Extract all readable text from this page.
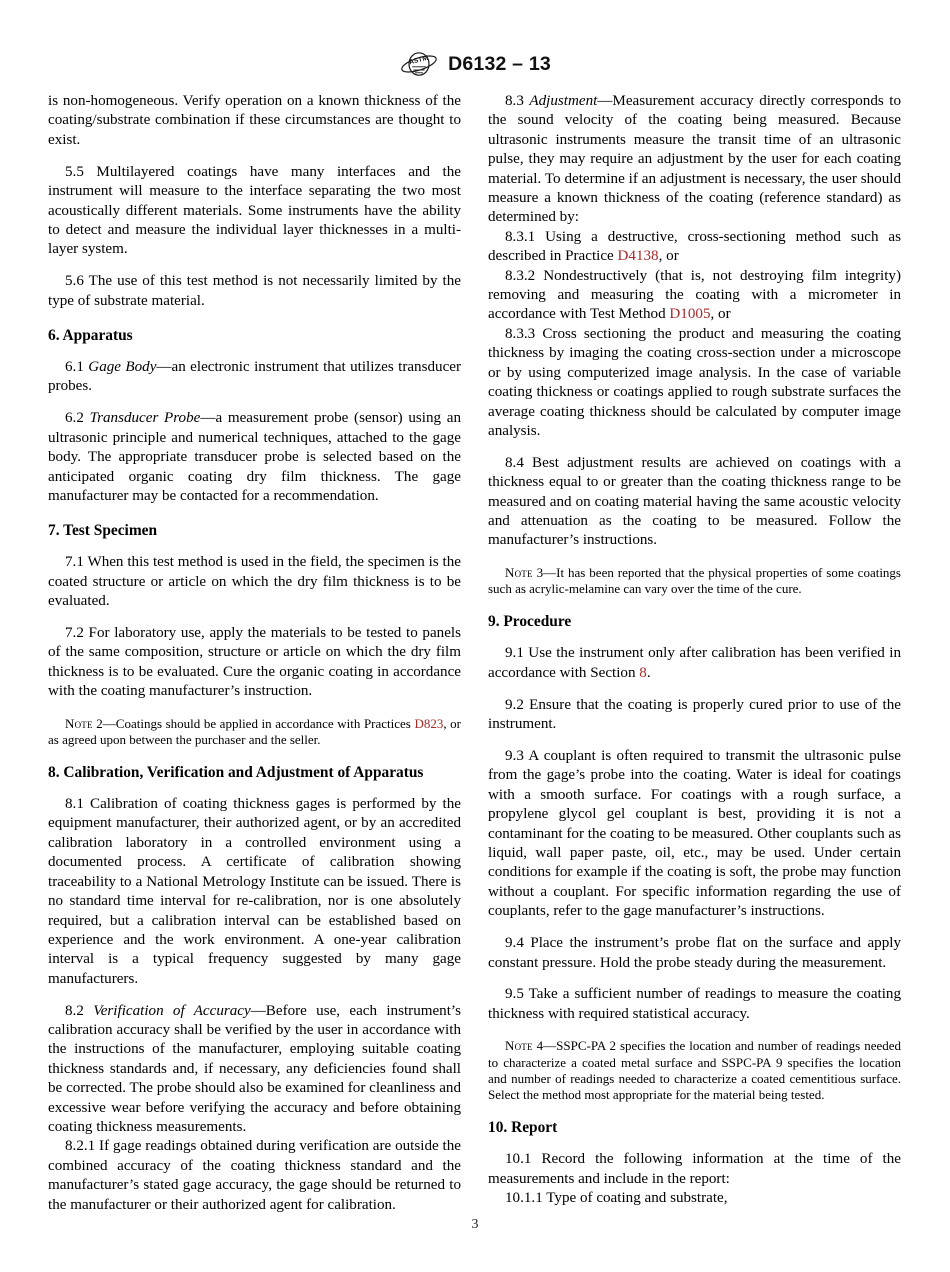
ASTM D6132 – 13

is non-homogeneous. Verify operation on a known thickness of the coating/substrate combination if these circumstances are thought to exist.

5.5 Multilayered coatings have many interfaces and the instrument will measure to the interface separating the two most acoustically different materials. Some instruments have the ability to detect and measure the individual layer thicknesses in a multi-layer system.

5.6 The use of this test method is not necessarily limited by the type of substrate material.

6. Apparatus

6.1 Gage Body—an electronic instrument that utilizes transducer probes.

6.2 Transducer Probe—a measurement probe (sensor) using an ultrasonic principle and numerical techniques, attached to the gage body. The appropriate transducer probe is selected based on the anticipated organic coating dry film thickness. The gage manufacturer may be contacted for a recommendation.

7. Test Specimen

7.1 When this test method is used in the field, the specimen is the coated structure or article on which the dry film thickness is to be evaluated.

7.2 For laboratory use, apply the materials to be tested to panels of the same composition, structure or article on which the dry film thickness is to be evaluated. Cure the organic coating in accordance with the coating manufacturer’s instruction.

Note 2—Coatings should be applied in accordance with Practices D823, or as agreed upon between the purchaser and the seller.

8. Calibration, Verification and Adjustment of Apparatus

8.1 Calibration of coating thickness gages is performed by the equipment manufacturer, their authorized agent, or by an accredited calibration laboratory in a controlled environment using a documented process. A certificate of calibration showing traceability to a National Metrology Institute can be issued. There is no standard time interval for re-calibration, nor is one absolutely required, but a calibration interval can be established based on experience and the work environment. A one-year calibration interval is a typical frequency suggested by many gage manufacturers.

8.2 Verification of Accuracy—Before use, each instrument’s calibration accuracy shall be verified by the user in accordance with the instructions of the manufacturer, employing suitable coating thickness standards and, if necessary, any deficiencies found shall be corrected. The probe should also be examined for cleanliness and excessive wear before verifying the accuracy and before obtaining coating thickness measurements.

8.2.1 If gage readings obtained during verification are outside the combined accuracy of the coating thickness standard and the manufacturer’s stated gage accuracy, the gage should be returned to the manufacturer or their authorized agent for calibration.

8.3 Adjustment—Measurement accuracy directly corresponds to the sound velocity of the coating being measured. Because ultrasonic instruments measure the transit time of an ultrasonic pulse, they may require an adjustment by the user for each coating material. To determine if an adjustment is necessary, the user should measure a known thickness of the coating (reference standard) as determined by:

8.3.1 Using a destructive, cross-sectioning method such as described in Practice D4138, or

8.3.2 Nondestructively (that is, not destroying film integrity) removing and measuring the coating with a micrometer in accordance with Test Method D1005, or

8.3.3 Cross sectioning the product and measuring the coating thickness by imaging the coating cross-section under a microscope or by using computerized image analysis. In the case of variable coating thickness or coatings applied to rough substrate surfaces the average coating thickness should be calculated by computer image analysis.

8.4 Best adjustment results are achieved on coatings with a thickness equal to or greater than the coating thickness range to be measured and on coating material having the same acoustic velocity and attenuation as the coating to be measured. Follow the manufacturer’s instructions.

Note 3—It has been reported that the physical properties of some coatings such as acrylic-melamine can vary over the time of the cure.

9. Procedure

9.1 Use the instrument only after calibration has been verified in accordance with Section 8.

9.2 Ensure that the coating is properly cured prior to use of the instrument.

9.3 A couplant is often required to transmit the ultrasonic pulse from the gage’s probe into the coating. Water is ideal for coatings with a smooth surface. For coatings with a rough surface, a propylene glycol gel couplant is best, providing it is not a contaminant for the coating to be measured. Other couplants such as liquid, wall paper paste, oil, etc., may be used. Under certain conditions for example if the coating is soft, the probe may function without a couplant. For specific information regarding the use of couplants, refer to the gage manufacturer’s instructions.

9.4 Place the instrument’s probe flat on the surface and apply constant pressure. Hold the probe steady during the measurement.

9.5 Take a sufficient number of readings to measure the coating thickness with required statistical accuracy.

Note 4—SSPC-PA 2 specifies the location and number of readings needed to characterize a coated metal surface and SSPC-PA 9 specifies the location and number of readings needed to characterize a coated cementitious surface. Select the method most appropriate for the material being tested.

10. Report

10.1 Record the following information at the time of the measurements and include in the report:

10.1.1 Type of coating and substrate,

3
